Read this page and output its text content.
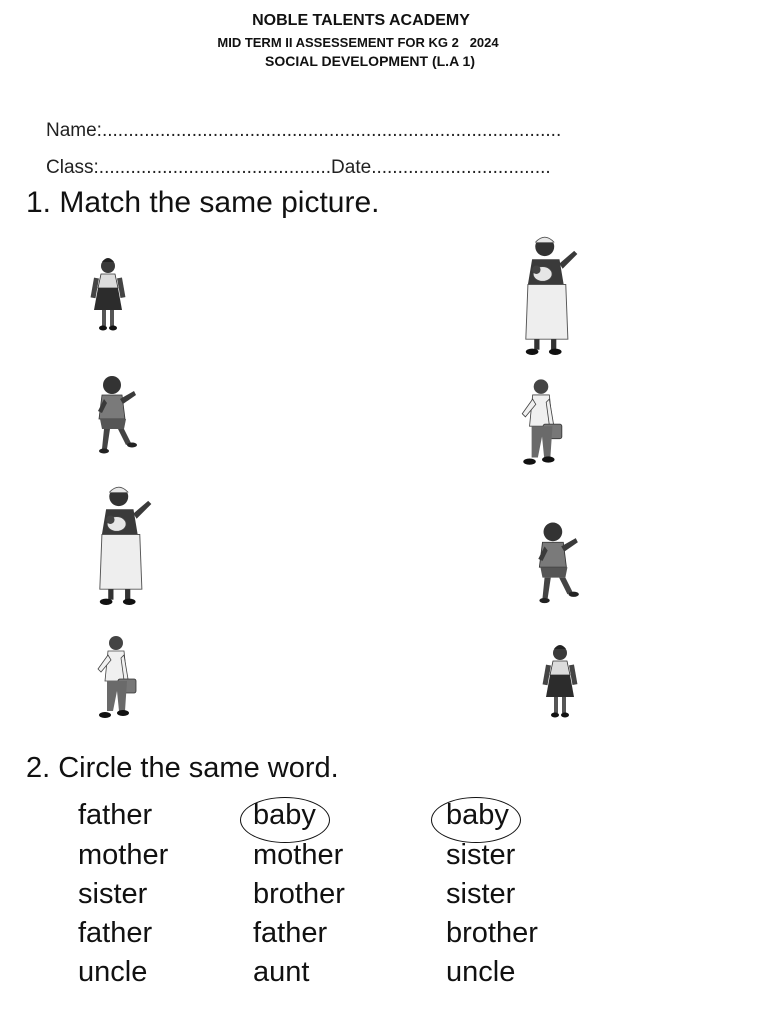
NOBLE TALENTS ACADEMY
MID TERM II ASSESSEMENT FOR KG 2   2024
SOCIAL DEVELOPMENT (L.A 1)
Name:.......................................................................................
Class:............................................Date..................................
1. Match the same picture.
2. Circle the same word.
father	baby	baby
mother	mother	sister
sister	brother	sister
father	father	brother
uncle	aunt	uncle
